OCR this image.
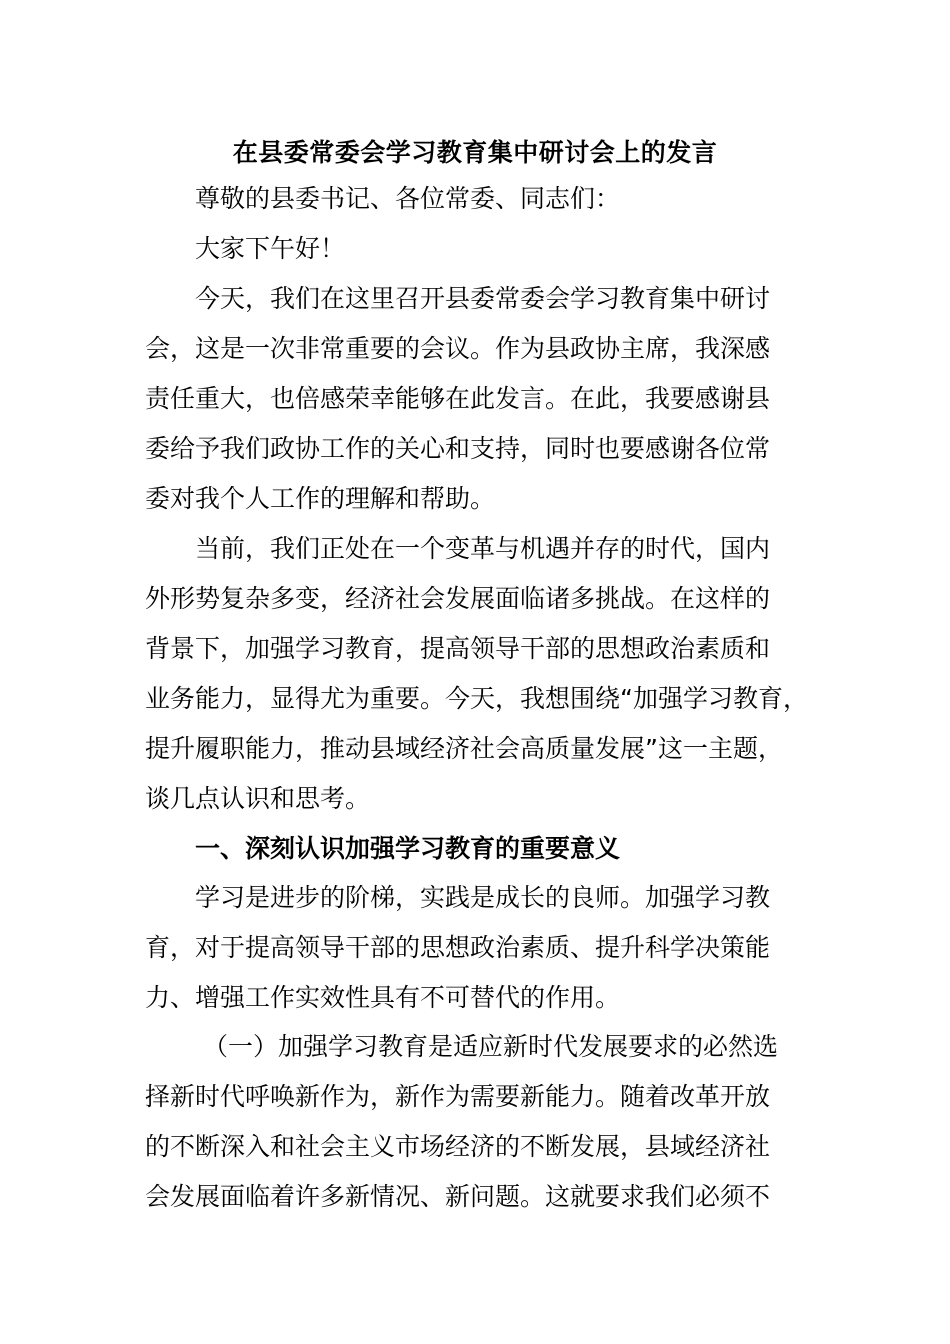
在县委常委会学习教育集中研讨会上的发言
尊敬的县委书记、各位常委、同志们：
大家下午好！
今天，我们在这里召开县委常委会学习教育集中研讨
会，这是一次非常重要的会议。作为县政协主席，我深感
责任重大，也倍感荣幸能够在此发言。在此，我要感谢县
委给予我们政协工作的关心和支持，同时也要感谢各位常
委对我个人工作的理解和帮助。
当前，我们正处在一个变革与机遇并存的时代，国内
外形势复杂多变，经济社会发展面临诸多挑战。在这样的
背景下，加强学习教育，提高领导干部的思想政治素质和
业务能力，显得尤为重要。今天，我想围绕“加强学习教育，
提升履职能力，推动县域经济社会高质量发展”这一主题，
谈几点认识和思考。
一、深刻认识加强学习教育的重要意义
学习是进步的阶梯，实践是成长的良师。加强学习教
育，对于提高领导干部的思想政治素质、提升科学决策能
力、增强工作实效性具有不可替代的作用。
（一）加强学习教育是适应新时代发展要求的必然选
择新时代呼唤新作为，新作为需要新能力。随着改革开放
的不断深入和社会主义市场经济的不断发展，县域经济社
会发展面临着许多新情况、新问题。这就要求我们必须不
